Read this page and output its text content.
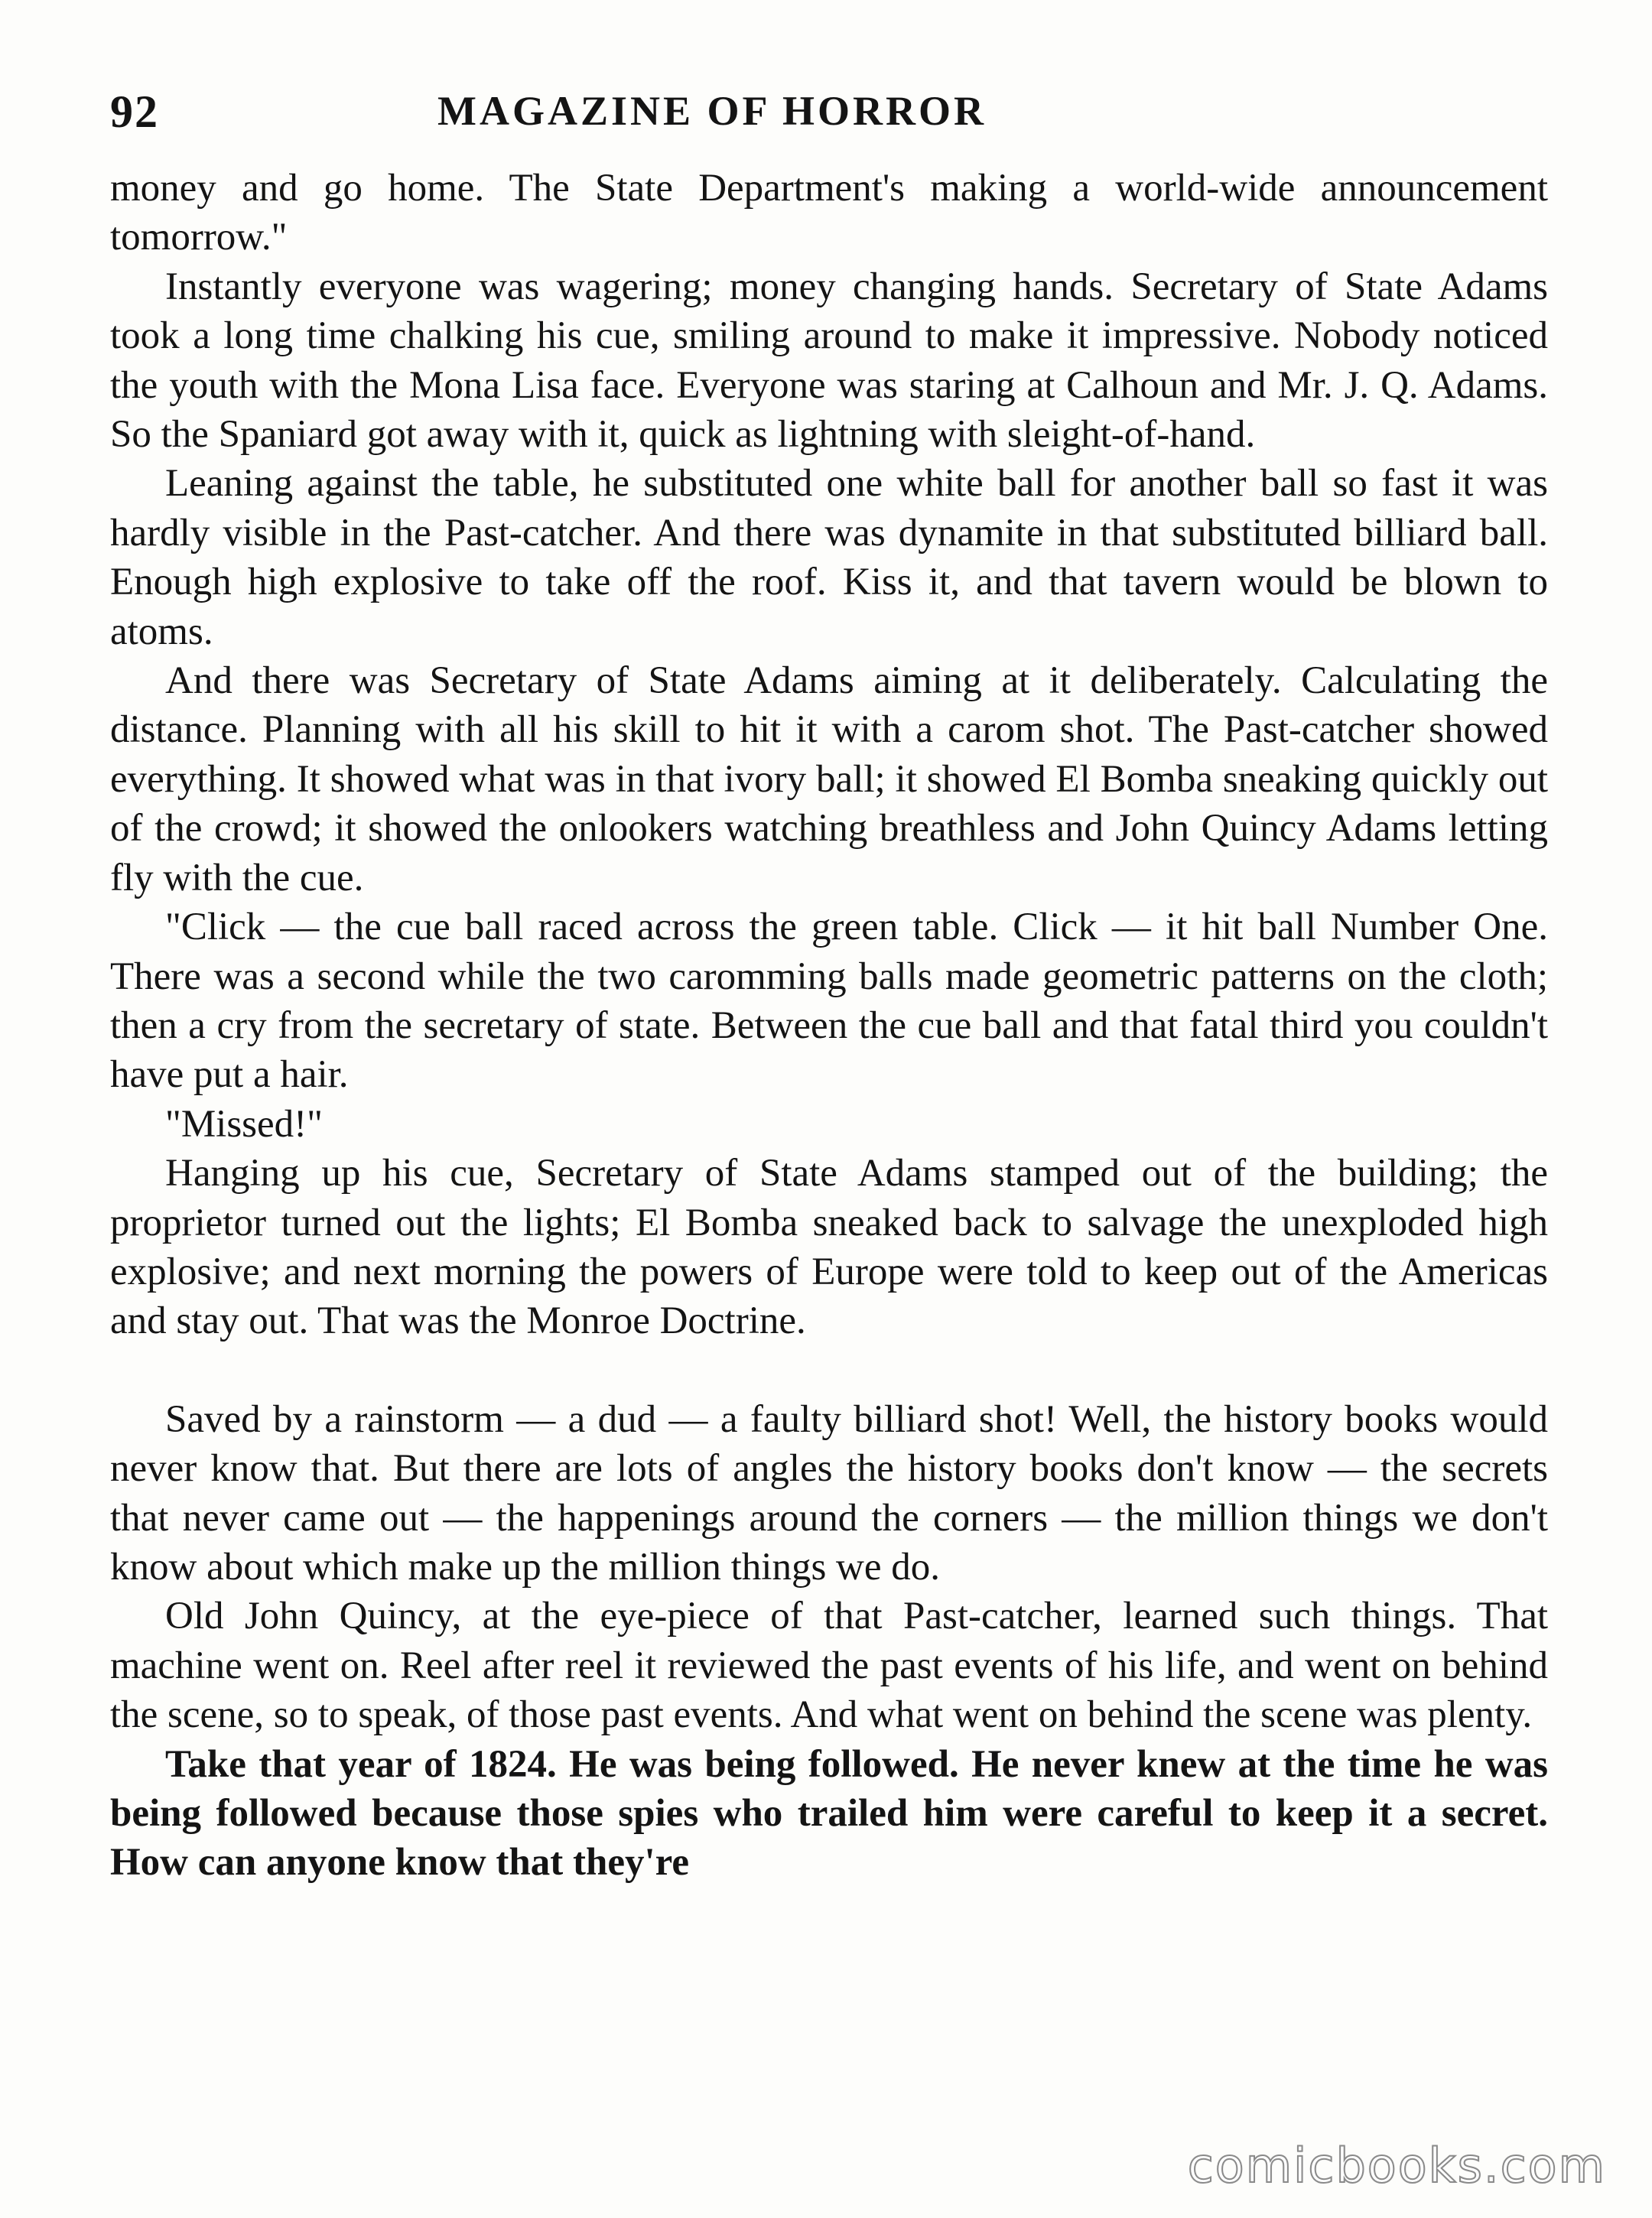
92	MAGAZINE OF HORROR

money and go home. The State Department's making a world-wide announcement tomorrow."

Instantly everyone was wagering; money changing hands. Secretary of State Adams took a long time chalking his cue, smiling around to make it impressive. Nobody noticed the youth with the Mona Lisa face. Everyone was staring at Calhoun and Mr. J. Q. Adams. So the Spaniard got away with it, quick as lightning with sleight-of-hand.

Leaning against the table, he substituted one white ball for another ball so fast it was hardly visible in the Past-catcher. And there was dynamite in that substituted billiard ball. Enough high explosive to take off the roof. Kiss it, and that tavern would be blown to atoms.

And there was Secretary of State Adams aiming at it deliberately. Calculating the distance. Planning with all his skill to hit it with a carom shot. The Past-catcher showed everything. It showed what was in that ivory ball; it showed El Bomba sneaking quickly out of the crowd; it showed the onlookers watching breathless and John Quincy Adams letting fly with the cue.

"Click — the cue ball raced across the green table. Click — it hit ball Number One. There was a second while the two caromming balls made geometric patterns on the cloth; then a cry from the secretary of state. Between the cue ball and that fatal third you couldn't have put a hair.

"Missed!"

Hanging up his cue, Secretary of State Adams stamped out of the building; the proprietor turned out the lights; El Bomba sneaked back to salvage the unexploded high explosive; and next morning the powers of Europe were told to keep out of the Americas and stay out. That was the Monroe Doctrine.

Saved by a rainstorm — a dud — a faulty billiard shot! Well, the history books would never know that. But there are lots of angles the history books don't know — the secrets that never came out — the happenings around the corners — the million things we don't know about which make up the million things we do.

Old John Quincy, at the eye-piece of that Past-catcher, learned such things. That machine went on. Reel after reel it reviewed the past events of his life, and went on behind the scene, so to speak, of those past events. And what went on behind the scene was plenty.

Take that year of 1824. He was being followed. He never knew at the time he was being followed because those spies who trailed him were careful to keep it a secret. How can anyone know that they're

comicbooks.com
